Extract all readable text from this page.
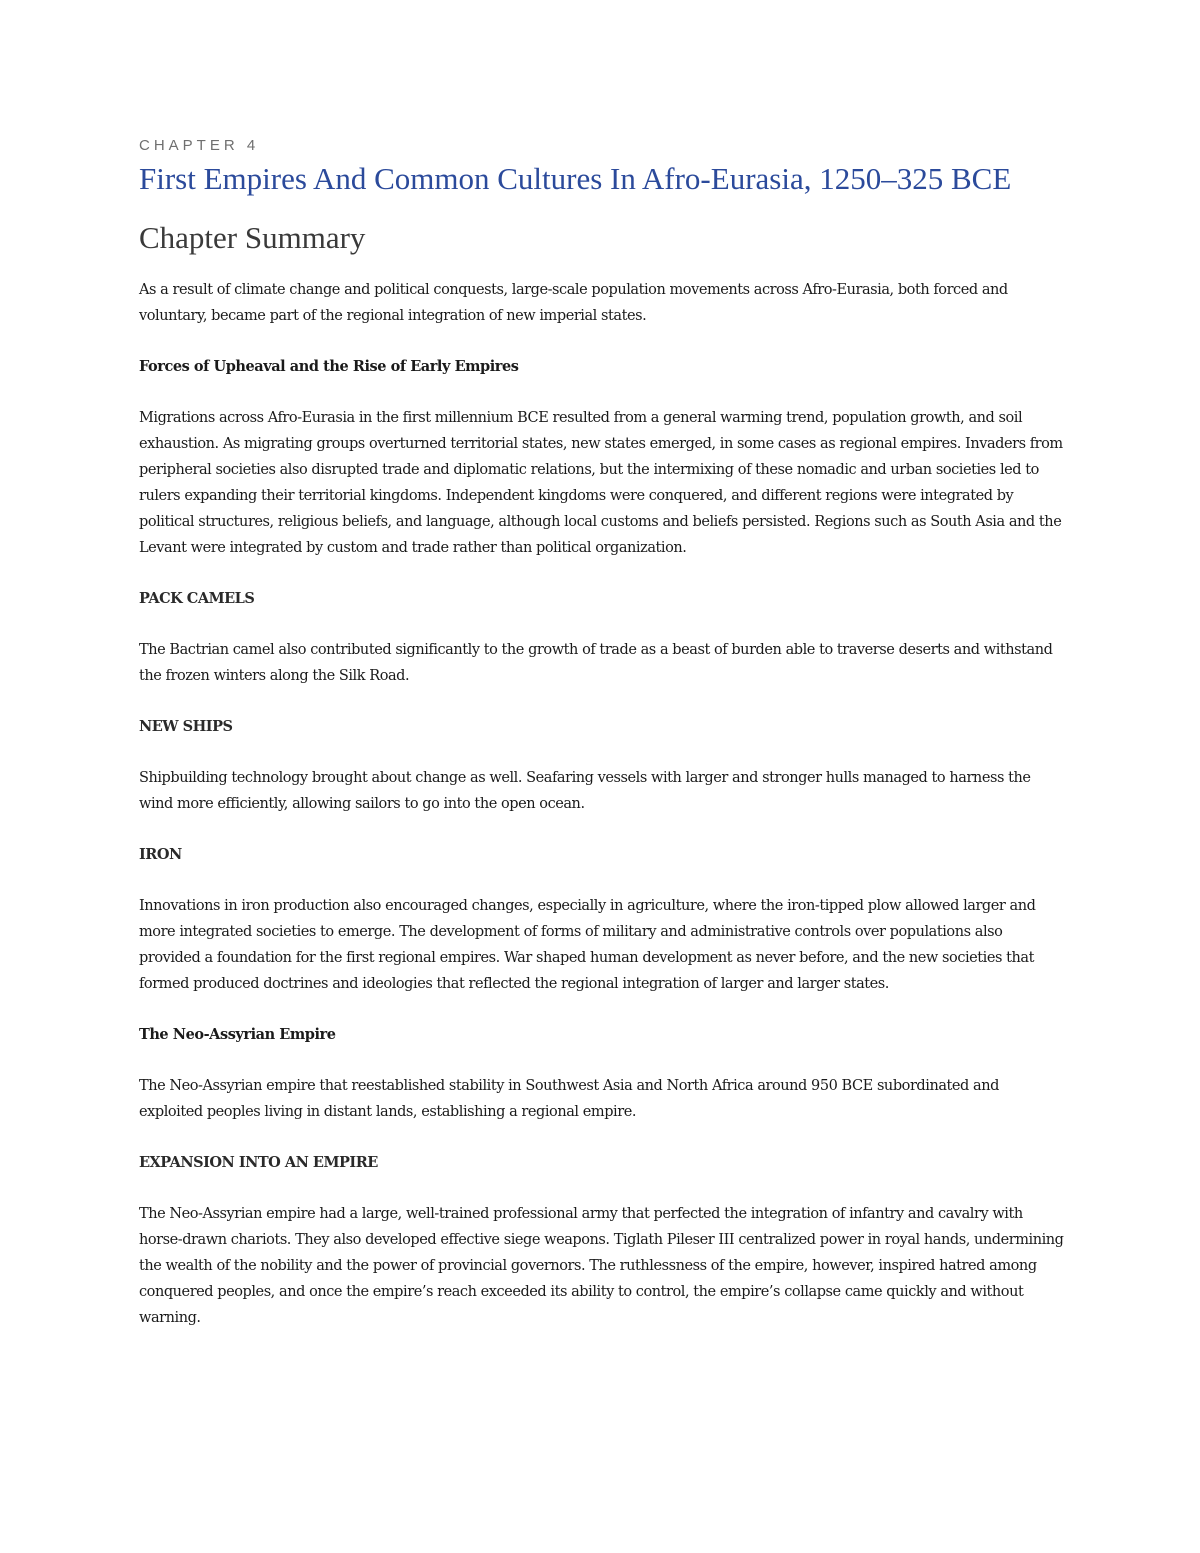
CHAPTER 4

First Empires And Common Cultures In Afro-Eurasia, 1250–325 BCE
Chapter Summary

As a result of climate change and political conquests, large-scale population movements across Afro-Eurasia, both forced and voluntary, became part of the regional integration of new imperial states.

Forces of Upheaval and the Rise of Early Empires

Migrations across Afro-Eurasia in the first millennium BCE resulted from a general warming trend, population growth, and soil exhaustion. As migrating groups overturned territorial states, new states emerged, in some cases as regional empires. Invaders from peripheral societies also disrupted trade and diplomatic relations, but the intermixing of these nomadic and urban societies led to rulers expanding their territorial kingdoms. Independent kingdoms were conquered, and different regions were integrated by political structures, religious beliefs, and language, although local customs and beliefs persisted. Regions such as South Asia and the Levant were integrated by custom and trade rather than political organization.

PACK CAMELS

The Bactrian camel also contributed significantly to the growth of trade as a beast of burden able to traverse deserts and withstand the frozen winters along the Silk Road.

NEW SHIPS

Shipbuilding technology brought about change as well. Seafaring vessels with larger and stronger hulls managed to harness the wind more efficiently, allowing sailors to go into the open ocean.

IRON

Innovations in iron production also encouraged changes, especially in agriculture, where the iron-tipped plow allowed larger and more integrated societies to emerge. The development of forms of military and administrative controls over populations also provided a foundation for the first regional empires. War shaped human development as never before, and the new societies that formed produced doctrines and ideologies that reflected the regional integration of larger and larger states.

The Neo-Assyrian Empire

The Neo-Assyrian empire that reestablished stability in Southwest Asia and North Africa around 950 BCE subordinated and exploited peoples living in distant lands, establishing a regional empire.

EXPANSION INTO AN EMPIRE

The Neo-Assyrian empire had a large, well-trained professional army that perfected the integration of infantry and cavalry with horse-drawn chariots. They also developed effective siege weapons. Tiglath Pileser III centralized power in royal hands, undermining the wealth of the nobility and the power of provincial governors. The ruthlessness of the empire, however, inspired hatred among conquered peoples, and once the empire’s reach exceeded its ability to control, the empire’s collapse came quickly and without warning.
